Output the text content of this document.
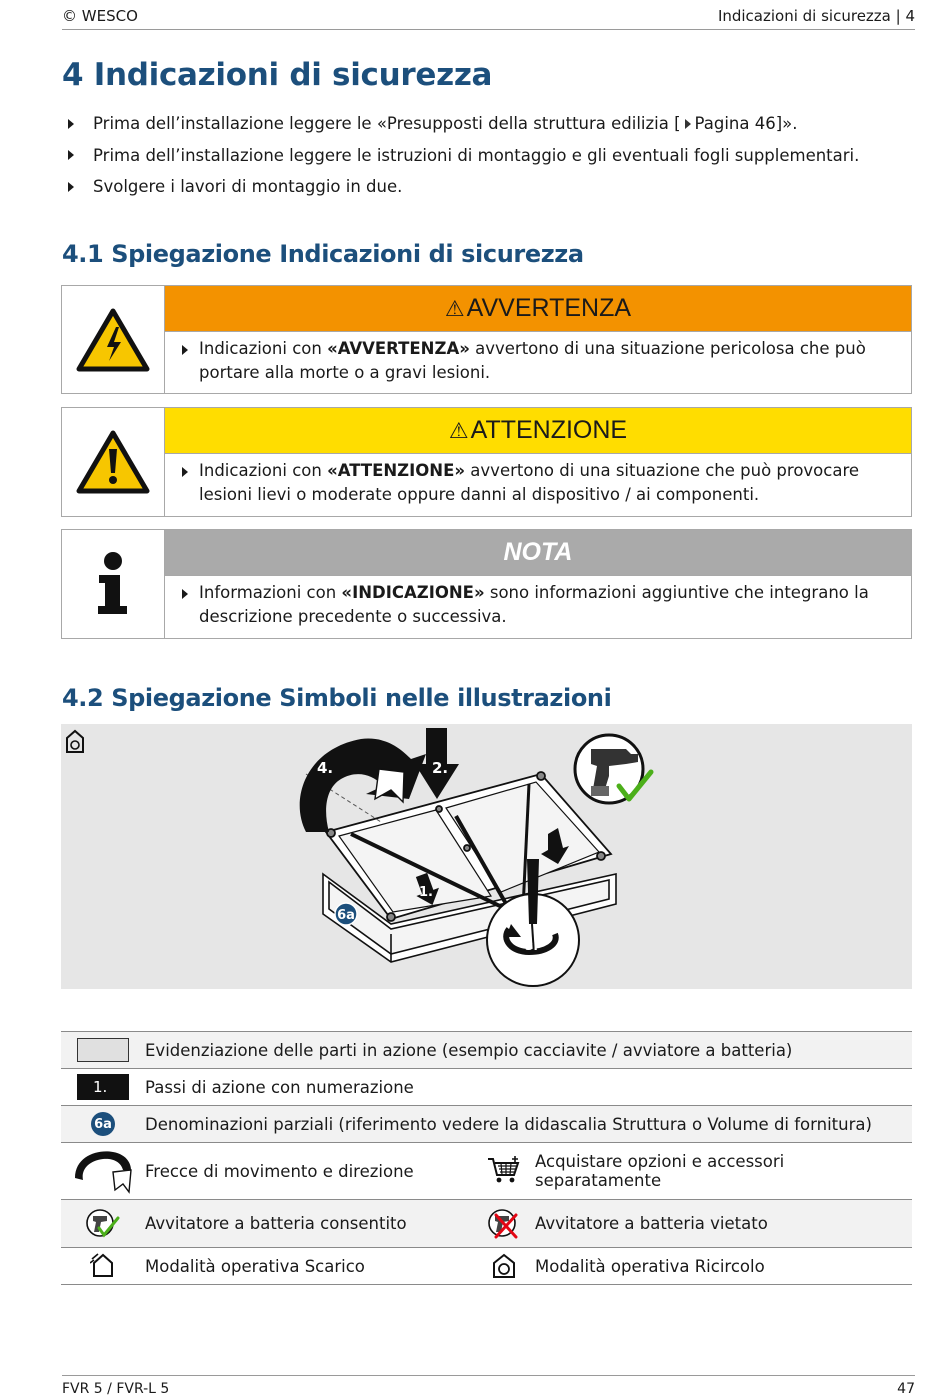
© WESCO	Indicazioni di sicurezza | 4
4 Indicazioni di sicurezza
Prima dell’installazione leggere le «Presupposti della struttura edilizia [ Pagina 46 ]».
Prima dell’installazione leggere le istruzioni di montaggio e gli eventuali fogli supplementari.
Svolgere i lavori di montaggio in due.
4.1 Spiegazione Indicazioni di sicurezza
⚠ AVVERTENZA
Indicazioni con «AVVERTENZA» avvertono di una situazione pericolosa che può portare alla morte o a gravi lesioni.
⚠ ATTENZIONE
Indicazioni con «ATTENZIONE» avvertono di una situazione che può provocare lesioni lievi o moderate oppure danni al dispositivo / ai componenti.
NOTA
Informazioni con «INDICAZIONE» sono informazioni aggiuntive che integrano la descrizione precedente o successiva.
4.2 Spiegazione Simboli nelle illustrazioni
4.	2.
1.
3.
6a
Evidenziazione delle parti in azione (esempio cacciavite / avviatore a batteria)
1.	Passi di azione con numerazione
6a Denominazioni parziali (riferimento vedere la didascalia Struttura o Volume di fornitura)
Frecce di movimento e direzione	Acquistare opzioni e accessori separatamente
Avvitatore a batteria consentito	Avvitatore a batteria vietato
Modalità operativa Scarico	Modalità operativa Ricircolo
FVR 5 / FVR-L 5	47
